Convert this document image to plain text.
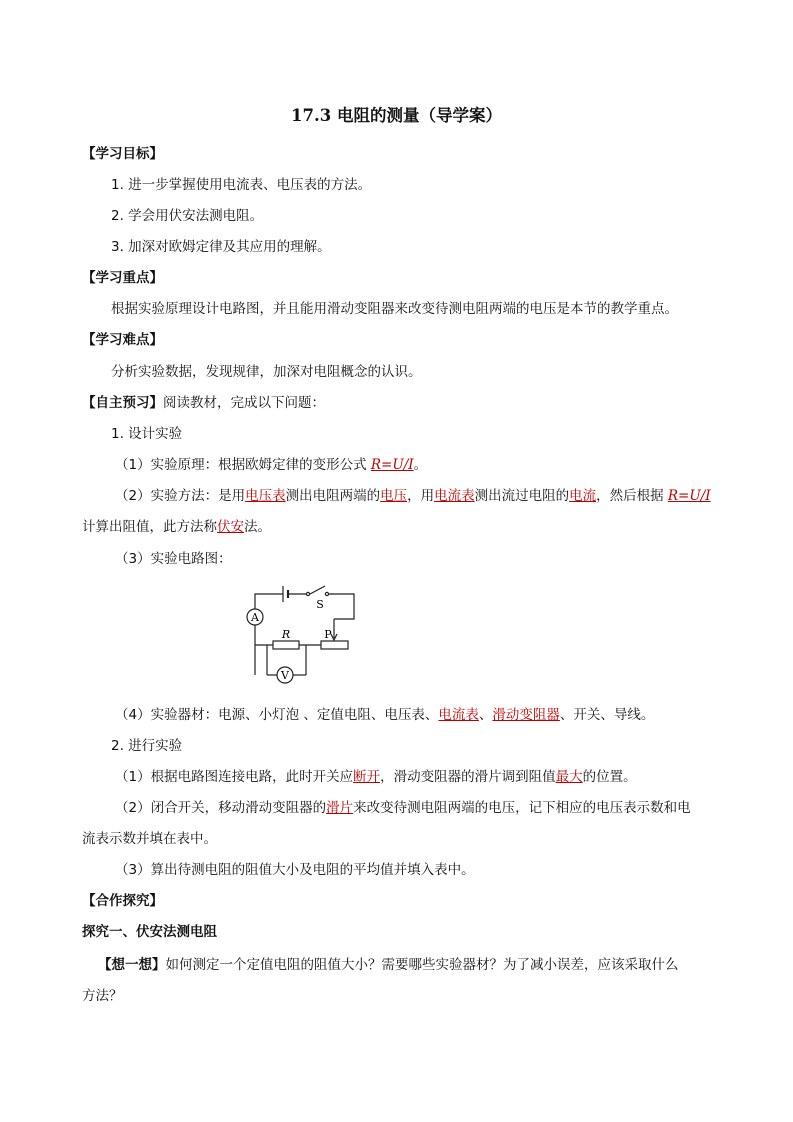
17.3 电阻的测量（导学案）
【学习目标】
1. 进一步掌握使用电流表、电压表的方法。
2. 学会用伏安法测电阻。
3. 加深对欧姆定律及其应用的理解。
【学习重点】
根据实验原理设计电路图，并且能用滑动变阻器来改变待测电阻两端的电压是本节的教学重点。
【学习难点】
分析实验数据，发现规律，加深对电阻概念的认识。
【自主预习】阅读教材，完成以下问题：
1. 设计实验
（1）实验原理：根据欧姆定律的变形公式 R=U/I。
（2）实验方法：是用电压表测出电阻两端的电压，用电流表测出流过电阻的电流，然后根据 R=U/I
计算出阻值，此方法称伏安法。
（3）实验电路图：
A
V
R
S
P
（4）实验器材：电源、小灯泡 、定值电阻、电压表、电流表、滑动变阻器、开关、导线。
2. 进行实验
（1）根据电路图连接电路，此时开关应断开，滑动变阻器的滑片调到阻值最大的位置。
（2）闭合开关，移动滑动变阻器的滑片来改变待测电阻两端的电压，记下相应的电压表示数和电
流表示数并填在表中。
（3）算出待测电阻的阻值大小及电阻的平均值并填入表中。
【合作探究】
探究一、伏安法测电阻
【想一想】如何测定一个定值电阻的阻值大小？需要哪些实验器材？为了减小误差，应该采取什么
方法？
